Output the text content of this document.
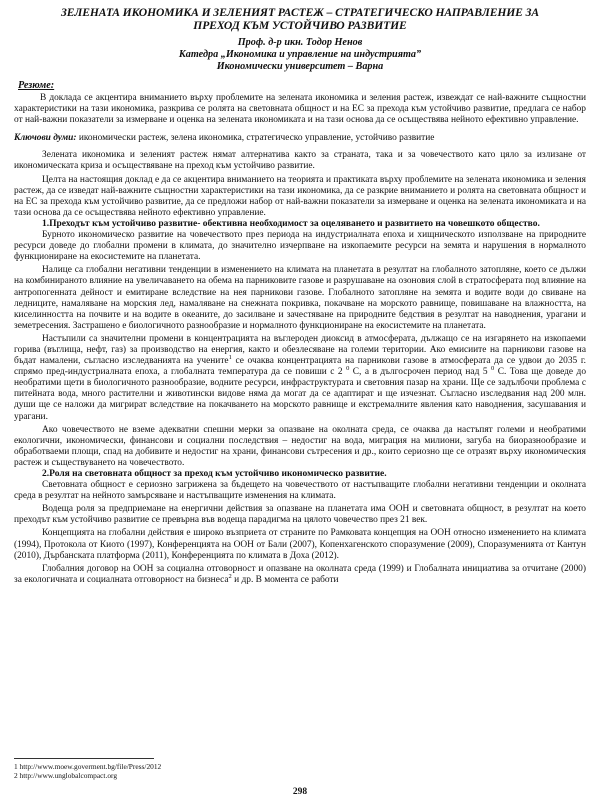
ЗЕЛЕНАТА ИКОНОМИКА И ЗЕЛЕНИЯТ РАСТЕЖ – СТРАТЕГИЧЕСКО НАПРАВЛЕНИЕ ЗА
ПРЕХОД КЪМ УСТОЙЧИВО РАЗВИТИЕ
Проф. д-р икн. Тодор Ненов
Катедра „Икономика и управление на индустрията”
Икономически университет – Варна
Резюме:

В доклада се акцентира вниманието върху проблемите на зелената икономика и зеления растеж, извеждат се най-важните същностни характеристики на тази икономика, разкрива се ролята на световната общност и на ЕС за прехода към устойчиво развитие, предлага се набор от най-важни показатели за измерване и оценка на зелената икономиката и на тази основа да се осъществява нейното ефективно управление.

Ключови думи: икономически растеж, зелена икономика, стратегическо управление, устойчиво развитие

Зелената икономика и зеленият растеж нямат алтернатива както за страната, така и за човечеството като цяло за излизане от икономическата криза и осъществяване на преход към устойчиво развитие.

Целта на настоящия доклад е да се акцентира вниманието на теорията и практиката върху проблемите на зелената икономика и зеления растеж, да се изведат най-важните същностни характеристики на тази икономика, да се разкрие вниманието и ролята на световната общност и на ЕС за прехода към устойчиво развитие, да се предложи набор от най-важни показатели за измерване и оценка на зелената икономиката и на тази основа да се осъществява нейното ефективно управление.

1.Преходът към устойчиво развитие- обективна необходимост за оцеляването и развитието на човешкото общество.

Бурното икономическо развитие на човечеството през периода на индустриалната епоха и хищническото използване на природните ресурси доведе до глобални промени в климата, до значително изчерпване на изкопаемите ресурси на земята и нарушения в нормалното функциониране на екосистемите на планетата.

Налице са глобални негативни тенденции в изменението на климата на планетата в резултат на глобалното затопляне, което се дължи на комбинираното влияние на увеличаването на обема на парниковите газове и разрушаване на озоновия слой в стратосферата под влияние на антропогенната дейност и емитиране вследствие на нея парникови газове. Глобалното затопляне на земята и водите води до свиване на ледниците, намаляване на морския лед, намаляване на снежната покривка, покачване на морското равнище, повишаване на влажността, на киселинността на почвите и на водите в океаните, до засилване и зачестяване на природните бедствия в резултат на наводнения, урагани и земетресения. Застрашено е биологичното разнообразие и нормалното функциониране на екосистемите на планетата.

Настъпили са значителни промени в концентрацията на въглероден диоксид в атмосферата, дължащо се на изгарянето на изкопаеми горива (въглища, нефт, газ) за производство на енергия, както и обезлесяване на големи територии. Ако емисиите на парникови газове на бъдат намалени, съгласно изследванията на учените$^1$ се очаква концентрацията на парникови газове в атмосферата да се удвои до 2035 г. спрямо пред-индустриалната епоха, а глобалната температура да се повиши с 2 $^0$ С, а в дългосрочен период над 5 $^0$ С. Това ще доведе до необратими щети в биологичното разнообразие, водните ресурси, инфраструктурата и световния пазар на храни. Ще се задълбочи проблема с питейната вода, много растителни и животински видове няма да могат да се адаптират и ще изчезнат. Съгласно изследвания над 200 млн. души ще се наложи да мигрират вследствие на покачването на морското равнище и екстремалните явления като наводнения, засушавания и урагани.

Ако човечеството не вземе адекватни спешни мерки за опазване на околната среда, се очаква да настъпят големи и необратими екологични, икономически, финансови и социални последствия – недостиг на вода, миграция на милиони, загуба на биоразнообразие и обработваеми площи, спад на добивите и недостиг на храни, финансови сътресения и др., които сериозно ще се отразят върху икономическия растеж и съществуването на човечеството.

2.Роля на световната общност за преход към устойчиво икономическо развитие.

Световната общност е сериозно загрижена за бъдещето на човечеството от настъпващите глобални негативни тенденции и околната среда в резултат на нейното замърсяване и настъпващите изменения на климата.

Водеща роля за предприемане на енергични действия за опазване на планетата има ООН и световната общност, в резултат на което преходът към устойчиво развитие се превърна във водеща парадигма на цялото човечество през 21 век.

Концепцията на глобални действия е широко възприета от страните по Рамковата концепция на ООН относно изменението на климата (1994), Протокола от Киото (1997), Конференцията на ООН от Бали (2007), Копенхагенското споразумение (2009), Споразуменията от Кантун (2010), Дърбанската платформа (2011), Конференцията по климата в Доха (2012).

Глобалния договор на ООН за социална отговорност и опазване на околната среда (1999) и Глобалната инициатива за отчитане (2000) за екологичната и социалната отговорност на бизнеса$^2$ и др. В момента се работи

1 http://www.moew.goverment.bg/file/Press/2012
2 http://www.unglobalcompact.org
298
